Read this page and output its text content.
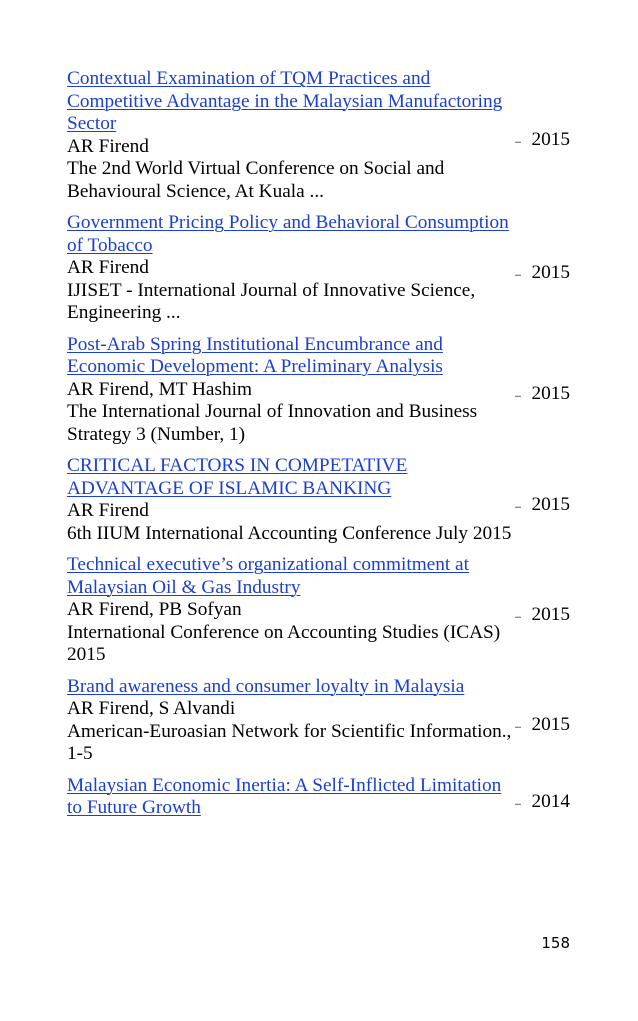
Contextual Examination of TQM Practices and Competitive Advantage in the Malaysian Manufactoring Sector
AR Firend
The 2nd World Virtual Conference on Social and Behavioural Science, At Kuala ...
2015
Government Pricing Policy and Behavioral Consumption of Tobacco
AR Firend
IJISET - International Journal of Innovative Science, Engineering ...
2015
Post-Arab Spring Institutional Encumbrance and Economic Development: A Preliminary Analysis
AR Firend, MT Hashim
The International Journal of Innovation and Business Strategy 3 (Number, 1)
2015
CRITICAL FACTORS IN COMPETATIVE ADVANTAGE OF ISLAMIC BANKING
AR Firend
6th IIUM International Accounting Conference July 2015
2015
Technical executive’s organizational commitment at Malaysian Oil & Gas Industry
AR Firend, PB Sofyan
International Conference on Accounting Studies (ICAS) 2015
2015
Brand awareness and consumer loyalty in Malaysia
AR Firend, S Alvandi
American-Euroasian Network for Scientific Information., 1-5
2015
Malaysian Economic Inertia: A Self-Inflicted Limitation to Future Growth	2014
158
